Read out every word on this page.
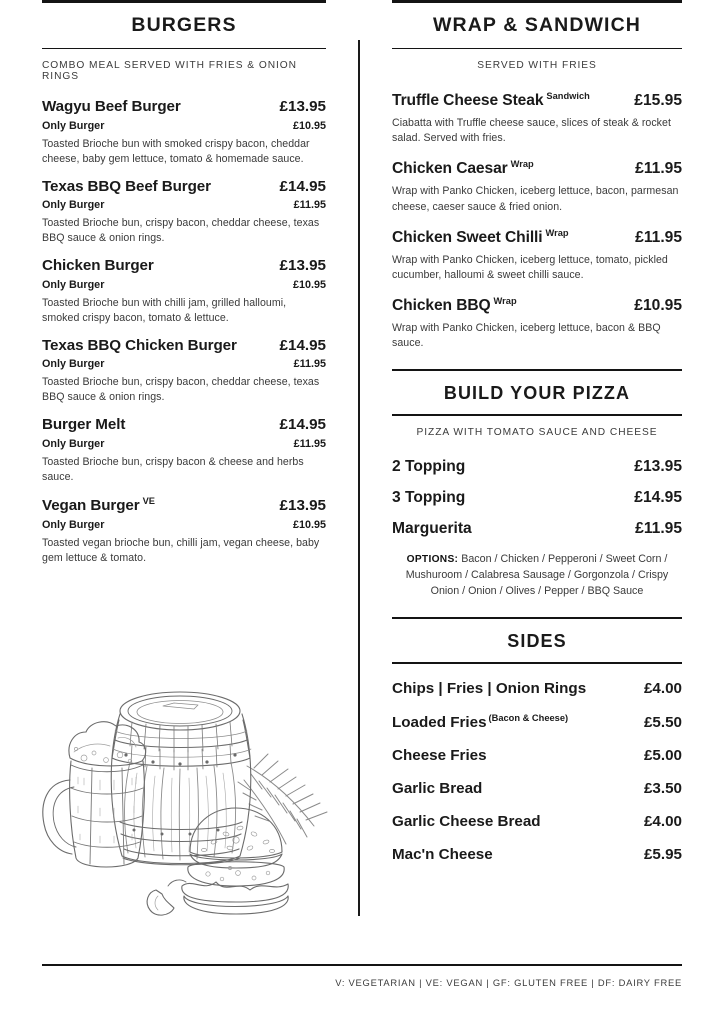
BURGERS
COMBO MEAL SERVED WITH FRIES & ONION RINGS
Wagyu Beef Burger	£13.95
Only Burger	£10.95
Toasted Brioche bun with smoked crispy bacon, cheddar cheese, baby gem lettuce, tomato & homemade sauce.
Texas BBQ Beef Burger	£14.95
Only Burger	£11.95
Toasted Brioche bun, crispy bacon, cheddar cheese, texas BBQ sauce & onion rings.
Chicken Burger	£13.95
Only Burger	£10.95
Toasted Brioche bun with chilli jam, grilled halloumi, smoked crispy bacon, tomato & lettuce.
Texas BBQ Chicken Burger	£14.95
Only Burger	£11.95
Toasted Brioche bun, crispy bacon, cheddar cheese, texas BBQ sauce & onion rings.
Burger Melt	£14.95
Only Burger	£11.95
Toasted Brioche bun, crispy bacon & cheese and herbs sauce.
Vegan Burger $^{VE}$	£13.95
Only Burger	£10.95
Toasted vegan brioche bun, chilli jam, vegan cheese, baby gem lettuce & tomato.
WRAP & SANDWICH
SERVED WITH FRIES
Truffle Cheese Steak $^{Sandwich}$	£15.95
Ciabatta with Truffle cheese sauce, slices of steak & rocket salad. Served with fries.
Chicken Caesar $^{Wrap}$	£11.95
Wrap with Panko Chicken, iceberg lettuce, bacon, parmesan cheese, caeser sauce & fried onion.
Chicken Sweet Chilli $^{Wrap}$	£11.95
Wrap with Panko Chicken, iceberg lettuce, tomato, pickled cucumber, halloumi & sweet chilli sauce.
Chicken BBQ $^{Wrap}$	£10.95
Wrap with Panko Chicken, iceberg lettuce, bacon & BBQ sauce.
BUILD YOUR PIZZA
PIZZA WITH TOMATO SAUCE AND CHEESE
2 Topping	£13.95
3 Topping	£14.95
Marguerita	£11.95
OPTIONS: Bacon / Chicken / Pepperoni / Sweet Corn / Mushuroom / Calabresa Sausage / Gorgonzola / Crispy Onion / Onion / Olives / Pepper / BBQ Sauce
SIDES
Chips | Fries | Onion Rings	£4.00
Loaded Fries $^{(Bacon \& Cheese)}$	£5.50
Cheese Fries	£5.00
Garlic Bread	£3.50
Garlic Cheese Bread	£4.00
Mac'n Cheese	£5.95
V: VEGETARIAN | VE: VEGAN | GF: GLUTEN FREE | DF: DAIRY FREE
